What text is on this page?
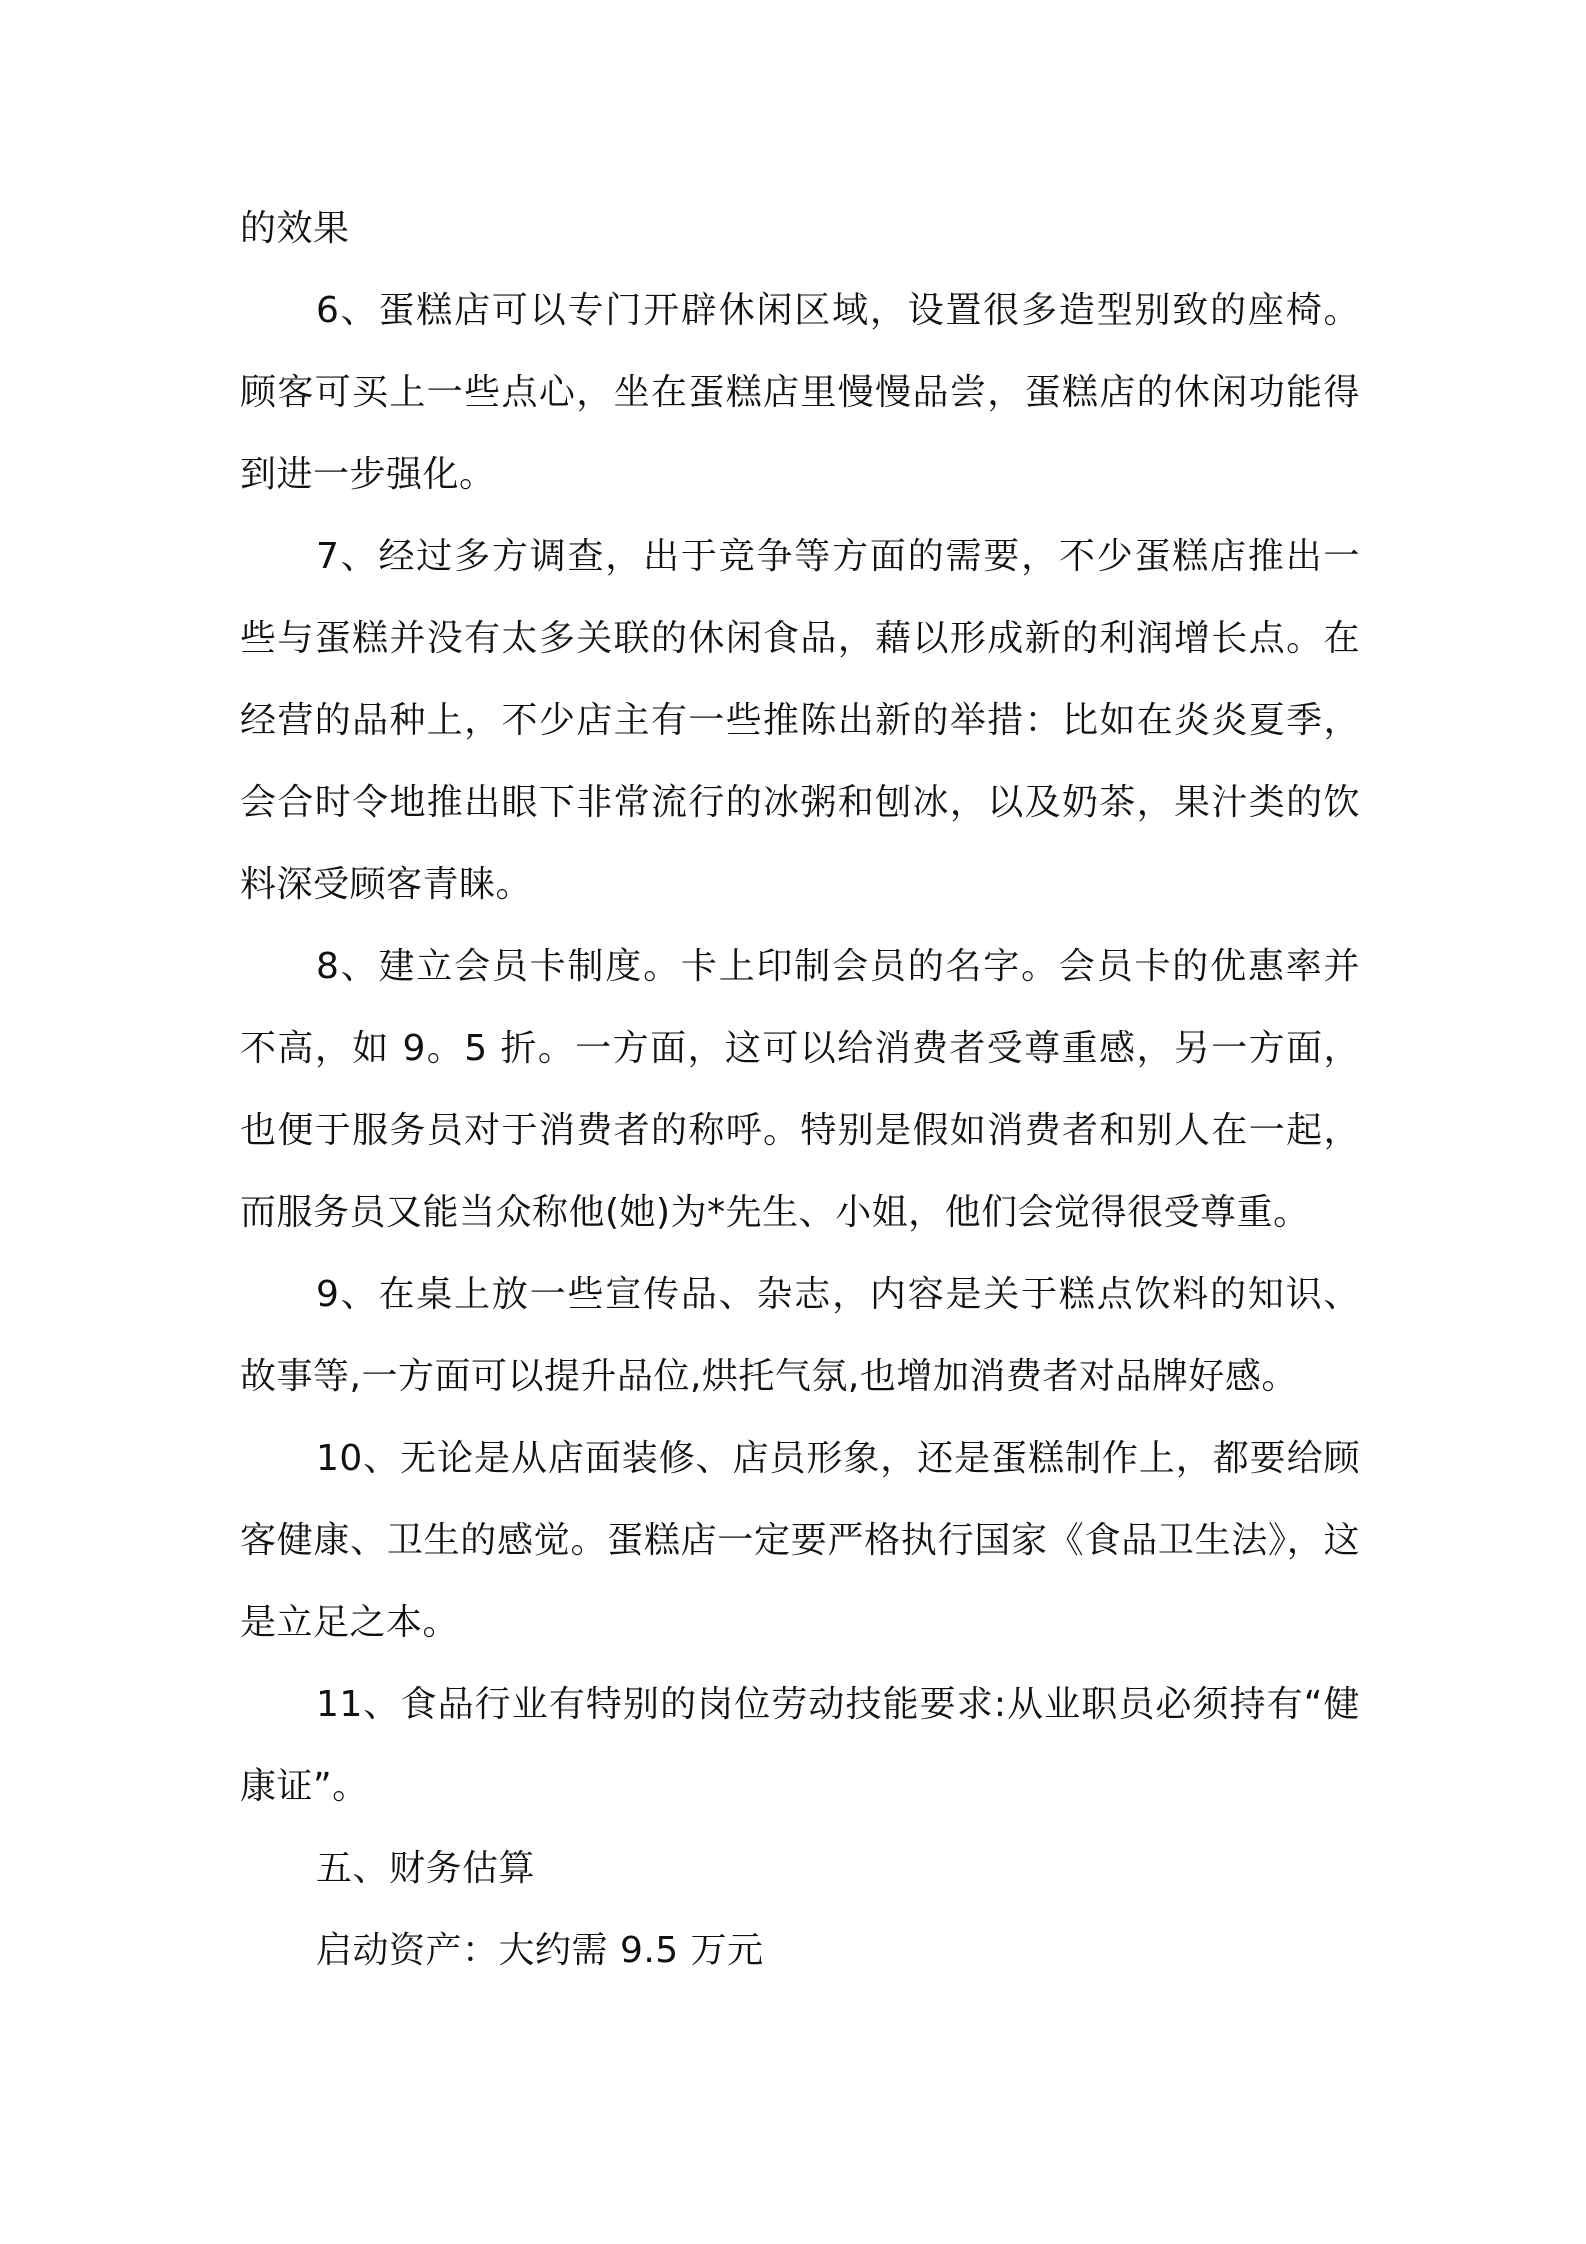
的效果

6、蛋糕店可以专门开辟休闲区域，设置很多造型别致的座椅。顾客可买上一些点心，坐在蛋糕店里慢慢品尝，蛋糕店的休闲功能得到进一步强化。

7、经过多方调查，出于竞争等方面的需要，不少蛋糕店推出一些与蛋糕并没有太多关联的休闲食品，藉以形成新的利润增长点。在经营的品种上，不少店主有一些推陈出新的举措：比如在炎炎夏季，会合时令地推出眼下非常流行的冰粥和刨冰，以及奶茶，果汁类的饮料深受顾客青睐。

8、建立会员卡制度。卡上印制会员的名字。会员卡的优惠率并不高，如 9。5 折。一方面，这可以给消费者受尊重感，另一方面，也便于服务员对于消费者的称呼。特别是假如消费者和别人在一起，而服务员又能当众称他(她)为*先生、小姐，他们会觉得很受尊重。

9、在桌上放一些宣传品、杂志，内容是关于糕点饮料的知识、故事等,一方面可以提升品位,烘托气氛,也增加消费者对品牌好感。

10、无论是从店面装修、店员形象，还是蛋糕制作上，都要给顾客健康、卫生的感觉。蛋糕店一定要严格执行国家《食品卫生法》，这是立足之本。

11、食品行业有特别的岗位劳动技能要求:从业职员必须持有“健康证”。

五、财务估算

启动资产：大约需 9.5 万元
